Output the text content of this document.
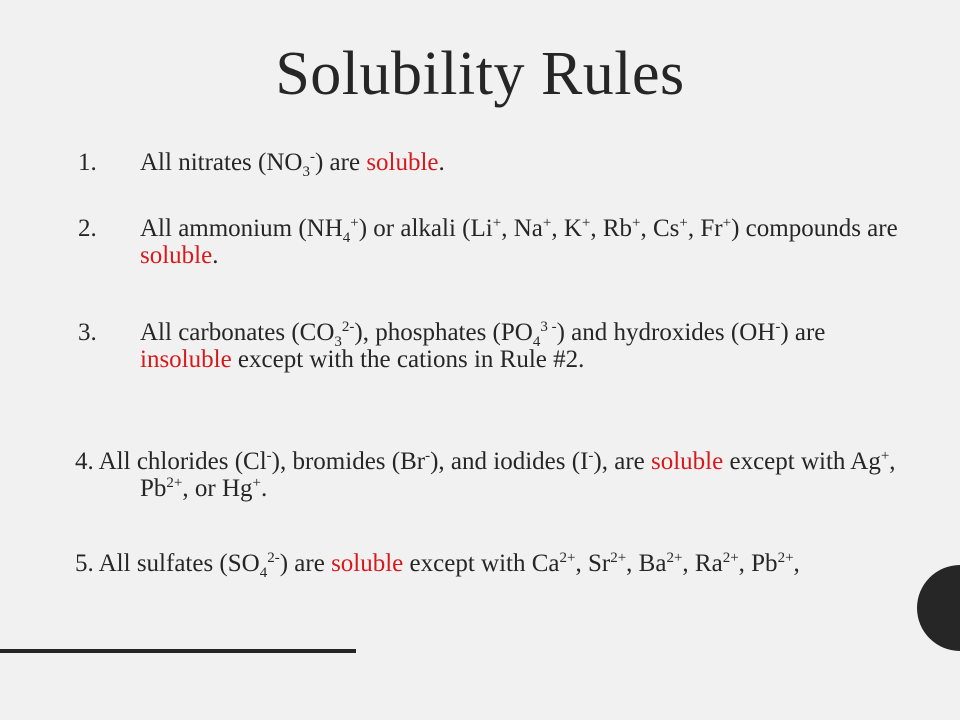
Solubility Rules
1.	All nitrates $(NO_3^-)$ are soluble.
2.	All ammonium $(NH_4^+)$ or alkali (Li+, Na+, K+, Rb+, Cs+, Fr+) compounds are soluble.
3.	All carbonates $(CO_3^{2-})$, phosphates $(PO_4^{3 -})$ and hydroxides (OH-) are insoluble except with the cations in Rule #2.
4. All chlorides (Cl-), bromides (Br-), and iodides (I-), are soluble except with Ag+, $Pb^{2+}$, or Hg+.
5. All sulfates $(SO_4^{2-})$ are soluble except with $Ca^{2+}$, $Sr^{2+}$, $Ba^{2+}$, $Ra^{2+}$, $Pb^{2+}$,
